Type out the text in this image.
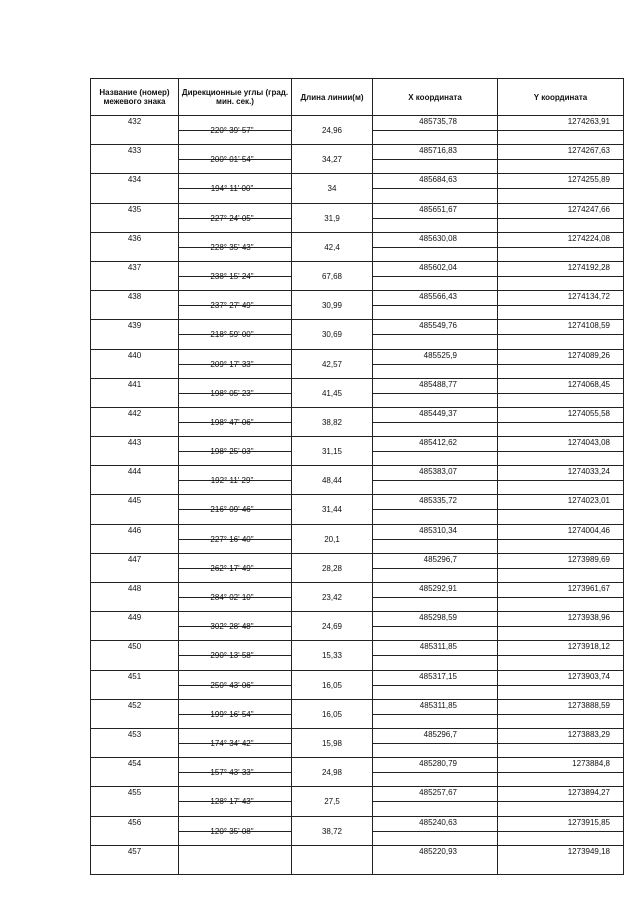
Название (номер) межевого знака	Дирекционные углы (град. мин. сек.)	Длина линии(м)	X координата	Y координата

432	220° 39' 57"	24,96	485735,78	1274263,91

433	200° 01' 54"	34,27	485716,83	1274267,63

434	194° 11' 00"	34	485684,63	1274255,89

435	227° 24' 05"	31,9	485651,67	1274247,66

436	228° 35' 43"	42,4	485630,08	1274224,08

437	238° 15' 24"	67,68	485602,04	1274192,28

438	237° 27' 49"	30,99	485566,43	1274134,72

439	218° 59' 00"	30,69	485549,76	1274108,59

440	209° 17' 33"	42,57	485525,9	1274089,26

441	198° 05' 23"	41,45	485488,77	1274068,45

442	198° 47' 06"	38,82	485449,37	1274055,58

443	198° 25' 03"	31,15	485412,62	1274043,08

444	192° 11' 29"	48,44	485383,07	1274033,24

445	216° 09' 46"	31,44	485335,72	1274023,01

446	227° 16' 40"	20,1	485310,34	1274004,46

447	262° 17' 49"	28,28	485296,7	1273989,69

448	284° 02' 10"	23,42	485292,91	1273961,67

449	302° 28' 48"	24,69	485298,59	1273938,96

450	290° 13' 58"	15,33	485311,85	1273918,12

451	250° 43' 06"	16,05	485317,15	1273903,74

452	199° 16' 54"	16,05	485311,85	1273888,59

453	174° 34' 42"	15,98	485296,7	1273883,29

454	157° 43' 33"	24,98	485280,79	1273884,8

455	128° 17' 43"	27,5	485257,67	1273894,27

456	120° 35' 08"	38,72	485240,63	1273915,85

457			485220,93	1273949,18
